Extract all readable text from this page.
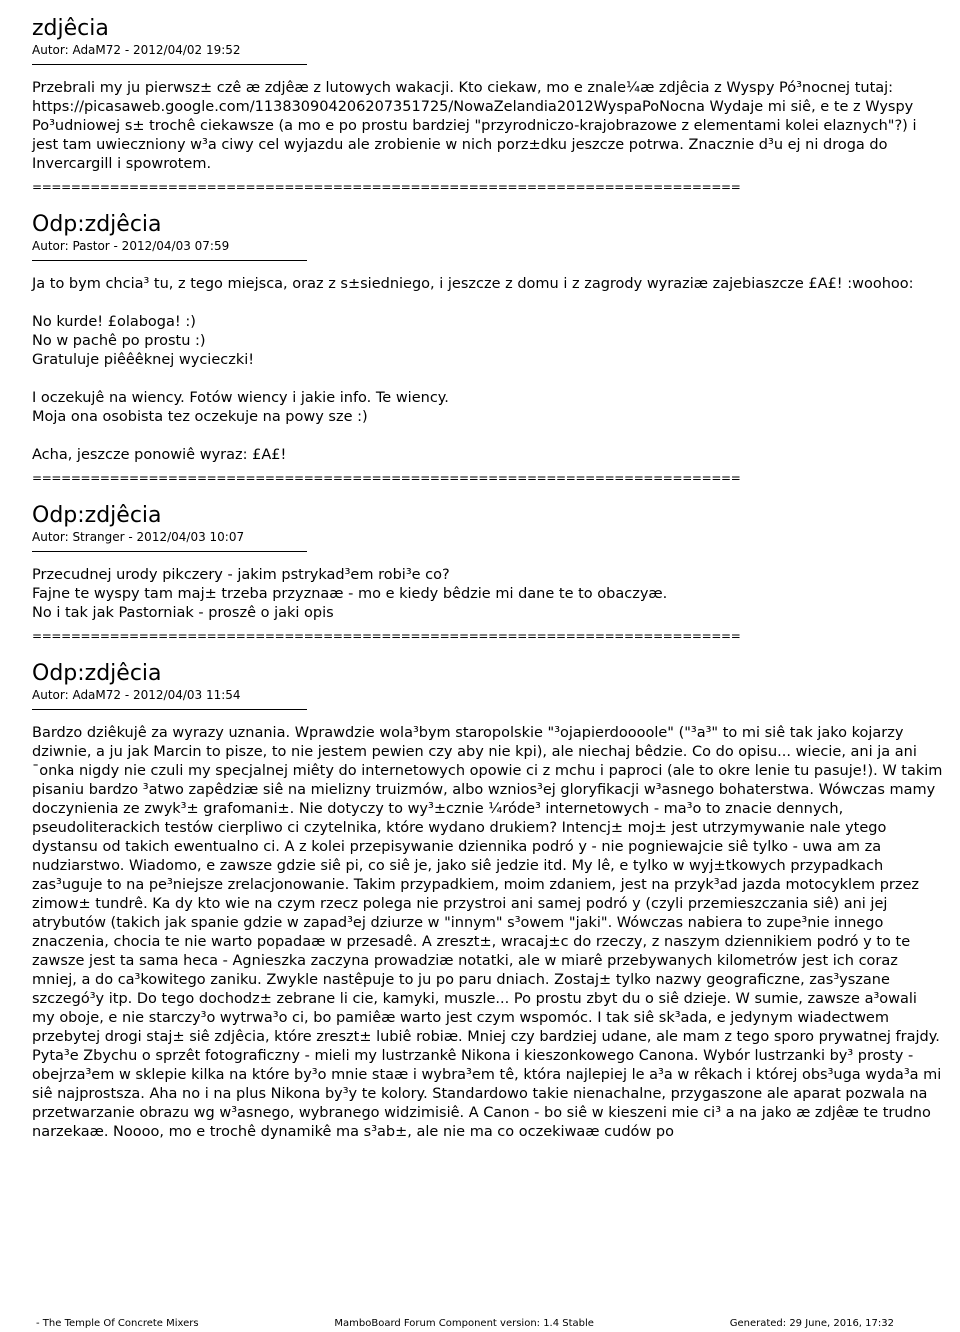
zdjêcia
Autor: AdaM72 - 2012/04/02 19:52

Przebrali my ju pierwsz± czê æ zdjêæ z lutowych wakacji. Kto ciekaw, mo e znale¼æ zdjêcia z Wyspy Pó³nocnej tutaj: https://picasaweb.google.com/113830904206207351725/NowaZelandia2012WyspaPoNocna Wydaje mi siê, e te z Wyspy Po³udniowej s± trochê ciekawsze (a mo e po prostu bardziej "przyrodniczo-krajobrazowe z elementami kolei elaznych"?) i jest tam uwieczniony w³a ciwy cel wyjazdu ale zrobienie w nich porz±dku jeszcze potrwa. Znacznie d³u ej ni droga do Invercargill i spowrotem.

=========================================================================
Odp:zdjêcia
Autor: Pastor - 2012/04/03 07:59

Ja to bym chcia³ tu, z tego miejsca, oraz z s±siedniego, i jeszcze z domu i z zagrody wyraziæ zajebiaszcze £A£! :woohoo:

No kurde! £olaboga! :)

No w pachê po prostu :)

Gratuluje piêêêknej wycieczki!

I oczekujê na wiency. Fotów wiency i jakie info. Te wiency.

Moja ona osobista tez oczekuje na powy sze :)

Acha, jeszcze ponowiê wyraz: £A£!

=========================================================================
Odp:zdjêcia
Autor: Stranger - 2012/04/03 10:07

Przecudnej urody pikczery - jakim pstrykad³em robi³e co?

Fajne te wyspy tam maj± trzeba przyznaæ - mo e kiedy bêdzie mi dane te to obaczyæ.

No i tak jak Pastorniak - proszê o jaki opis

=========================================================================
Odp:zdjêcia
Autor: AdaM72 - 2012/04/03 11:54

Bardzo dziêkujê za wyrazy uznania. Wprawdzie wola³bym staropolskie "³ojapierdoooole" ("³a³" to mi siê tak jako kojarzy dziwnie, a ju jak Marcin to pisze, to nie jestem pewien czy aby nie kpi), ale niechaj bêdzie. Co do opisu... wiecie, ani ja ani ¯onka nigdy nie czuli my specjalnej miêty do internetowych opowie ci z mchu i paproci (ale to okre lenie tu pasuje!). W takim pisaniu bardzo ³atwo zapêdziæ siê na mielizny truizmów, albo wznios³ej gloryfikacji w³asnego bohaterstwa. Wówczas mamy doczynienia ze zwyk³± grafomani±. Nie dotyczy to wy³±cznie ¼róde³ internetowych - ma³o to znacie dennych, pseudoliterackich testów cierpliwo ci czytelnika, które wydano drukiem? Intencj± moj± jest utrzymywanie nale ytego dystansu od takich ewentualno ci. A z kolei przepisywanie dziennika podró y - nie pogniewajcie siê tylko - uwa am za nudziarstwo. Wiadomo, e zawsze gdzie siê pi, co siê je, jako siê jedzie itd. My lê, e tylko w wyj±tkowych przypadkach zas³uguje to na pe³niejsze zrelacjonowanie. Takim przypadkiem, moim zdaniem, jest na przyk³ad jazda motocyklem przez zimow± tundrê. Ka dy kto wie na czym rzecz polega nie przystroi ani samej podró y (czyli przemieszczania siê) ani jej atrybutów (takich jak spanie gdzie w zapad³ej dziurze w "innym" s³owem "jaki". Wówczas nabiera to zupe³nie innego znaczenia, chocia te nie warto popadaæ w przesadê. A zreszt±, wracaj±c do rzeczy, z naszym dziennikiem podró y to te zawsze jest ta sama heca - Agnieszka zaczyna prowadziæ notatki, ale w miarê przebywanych kilometrów jest ich coraz mniej, a do ca³kowitego zaniku. Zwykle nastêpuje to ju po paru dniach. Zostaj± tylko nazwy geograficzne, zas³yszane szczegó³y itp. Do tego dochodz± zebrane li cie, kamyki, muszle... Po prostu zbyt du o siê dzieje. W sumie, zawsze a³owali my oboje, e nie starczy³o wytrwa³o ci, bo pamiêæ warto jest czym wspomóc. I tak siê sk³ada, e jedynym wiadectwem przebytej drogi staj± siê zdjêcia, które zreszt± lubiê robiæ. Mniej czy bardziej udane, ale mam z tego sporo prywatnej frajdy.

Pyta³e Zbychu o sprzêt fotograficzny - mieli my lustrzankê Nikona i kieszonkowego Canona. Wybór lustrzanki by³ prosty - obejrza³em w sklepie kilka na które by³o mnie staæ i wybra³em tê, która najlepiej le a³a w rêkach i której obs³uga wyda³a mi siê najprostsza. Aha no i na plus Nikona by³y te kolory. Standardowo takie nienachalne, przygaszone ale aparat pozwala na przetwarzanie obrazu wg w³asnego, wybranego widzimisiê. A Canon - bo siê w kieszeni mie ci³ a na jako æ zdjêæ te trudno narzekaæ. Noooo, mo e trochê dynamikê ma s³ab±, ale nie ma co oczekiwaæ cudów po

- The Temple Of Concrete Mixers	MamboBoard Forum Component version: 1.4 Stable	Generated: 29 June, 2016, 17:32
